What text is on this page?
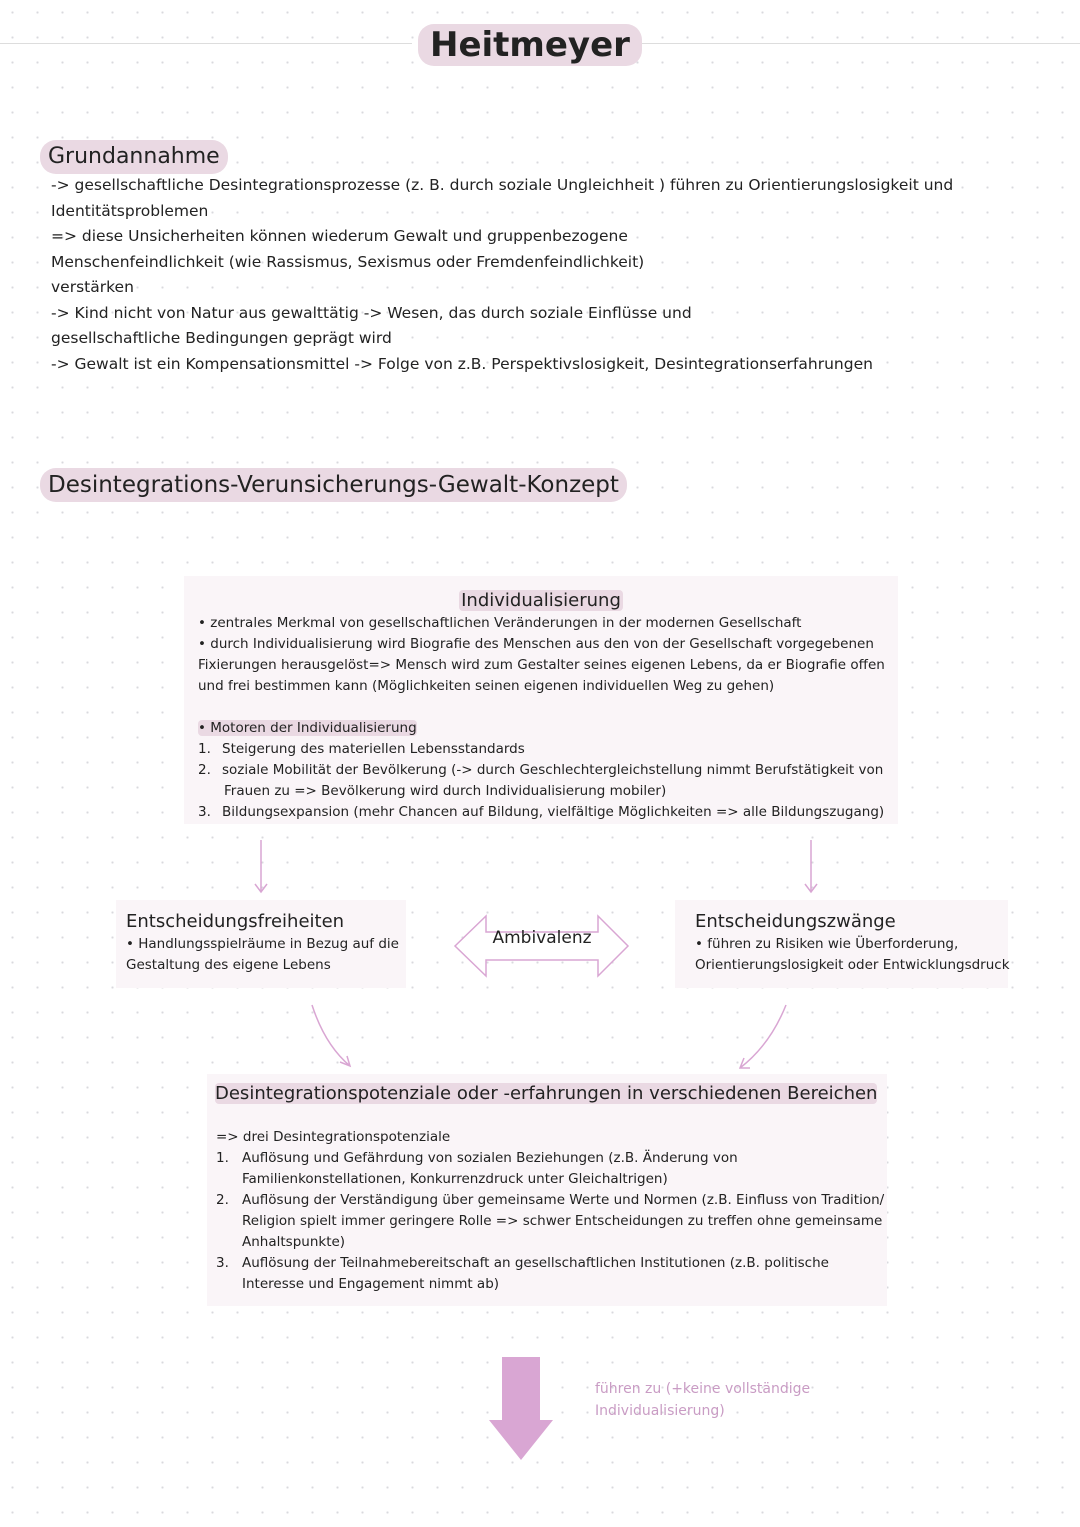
Heitmeyer
Grundannahme
-> gesellschaftliche Desintegrationsprozesse (z. B. durch soziale Ungleichheit ) führen zu Orientierungslosigkeit und
Identitätsproblemen
=> diese Unsicherheiten können wiederum Gewalt und gruppenbezogene
Menschenfeindlichkeit (wie Rassismus, Sexismus oder Fremdenfeindlichkeit)
verstärken
-> Kind nicht von Natur aus gewalttätig -> Wesen, das durch soziale Einflüsse und
gesellschaftliche Bedingungen geprägt wird
-> Gewalt ist ein Kompensationsmittel -> Folge von z.B. Perspektivslosigkeit, Desintegrationserfahrungen
Desintegrations-Verunsicherungs-Gewalt-Konzept
Individualisierung
• zentrales Merkmal von gesellschaftlichen Veränderungen in der modernen Gesellschaft
• durch Individualisierung wird Biografie des Menschen aus den von der Gesellschaft vorgegebenen
Fixierungen herausgelöst=> Mensch wird zum Gestalter seines eigenen Lebens, da er Biografie offen
und frei bestimmen kann (Möglichkeiten seinen eigenen individuellen Weg zu gehen)
• Motoren der Individualisierung
1. Steigerung des materiellen Lebensstandards
2. soziale Mobilität der Bevölkerung (-> durch Geschlechtergleichstellung nimmt Berufstätigkeit von
Frauen zu => Bevölkerung wird durch Individualisierung mobiler)
3. Bildungsexpansion (mehr Chancen auf Bildung, vielfältige Möglichkeiten => alle Bildungszugang)
Entscheidungsfreiheiten
• Handlungsspielräume in Bezug auf die
Gestaltung des eigene Lebens
Ambivalenz
Entscheidungszwänge
• führen zu Risiken wie Überforderung,
Orientierungslosigkeit oder Entwicklungsdruck
Desintegrationspotenziale oder -erfahrungen in verschiedenen Bereichen
=> drei Desintegrationspotenziale
1. Auflösung und Gefährdung von sozialen Beziehungen (z.B. Änderung von
Familienkonstellationen, Konkurrenzdruck unter Gleichaltrigen)
2. Auflösung der Verständigung über gemeinsame Werte und Normen (z.B. Einfluss von Tradition/
Religion spielt immer geringere Rolle => schwer Entscheidungen zu treffen ohne gemeinsame
Anhaltspunkte)
3. Auflösung der Teilnahmebereitschaft an gesellschaftlichen Institutionen (z.B. politische
Interesse und Engagement nimmt ab)
führen zu (+keine vollständige
Individualisierung)
